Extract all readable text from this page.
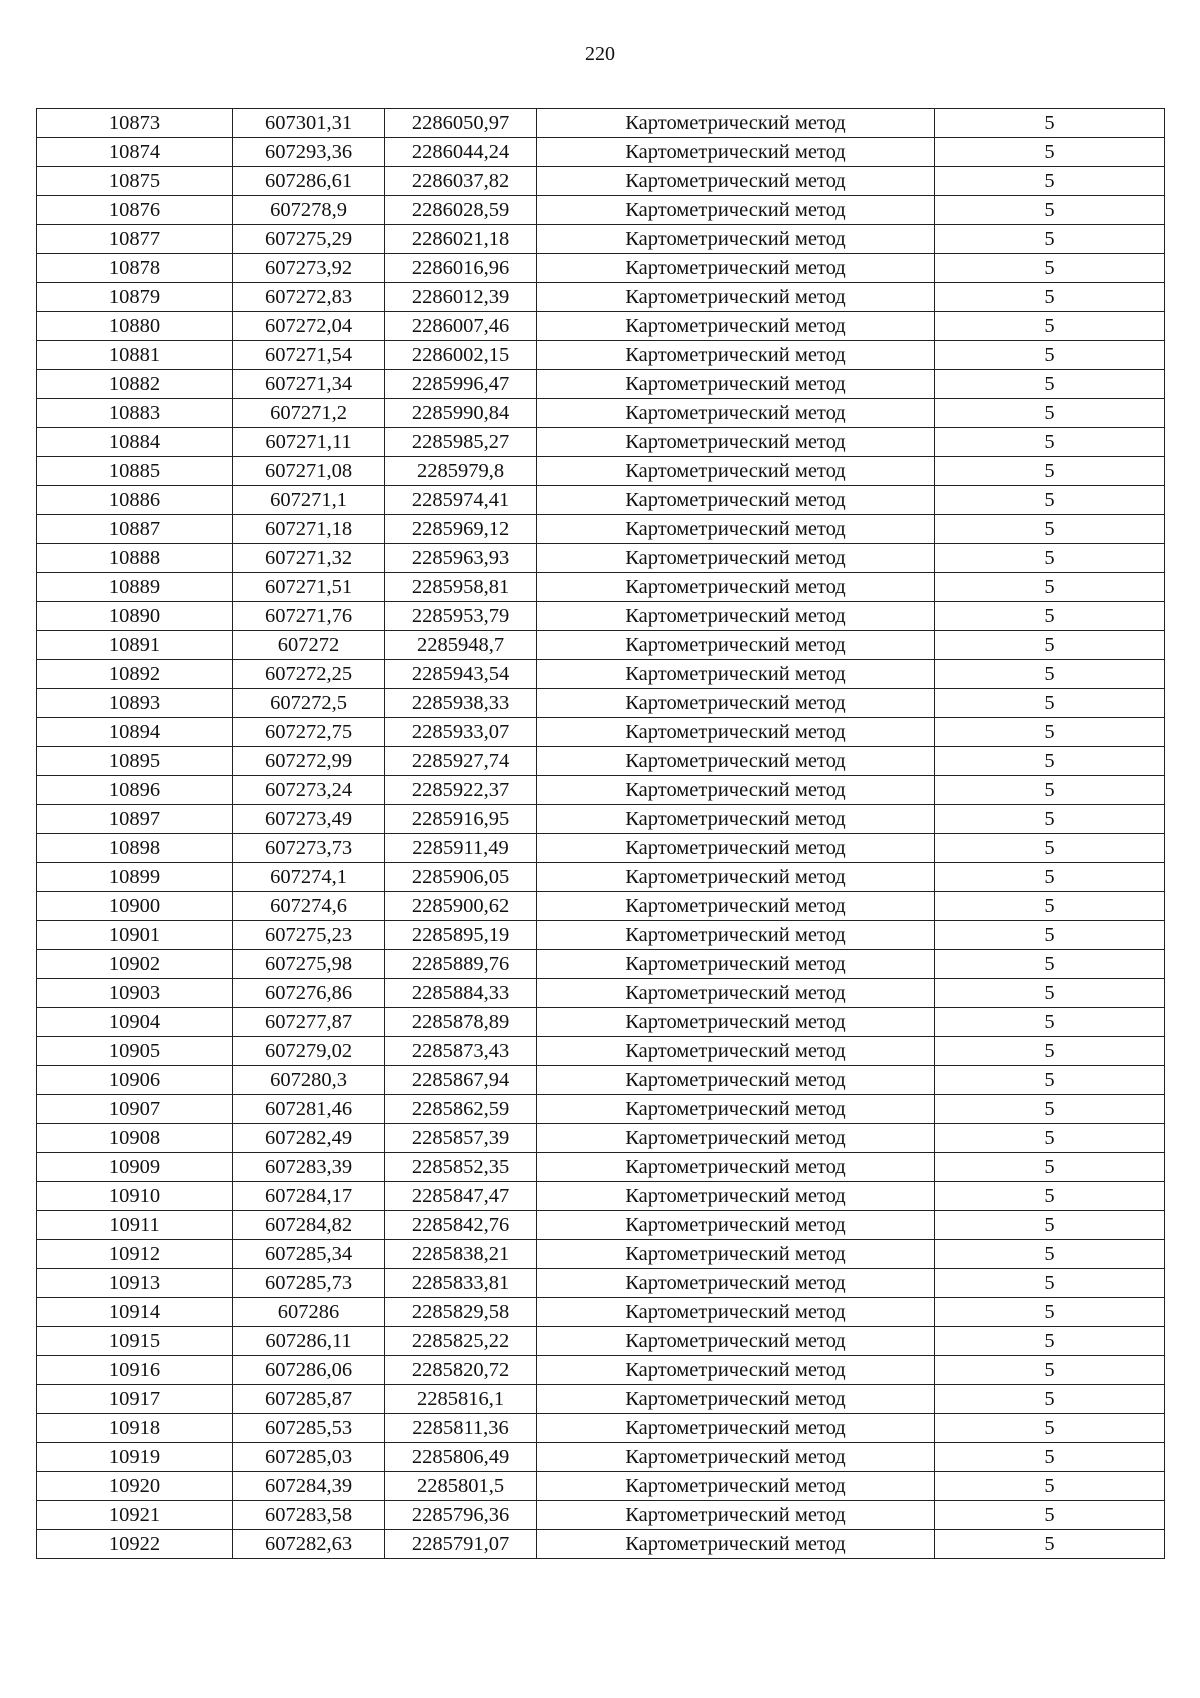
220
10873	607301,31	2286050,97	Картометрический метод	5
10874	607293,36	2286044,24	Картометрический метод	5
10875	607286,61	2286037,82	Картометрический метод	5
10876	607278,9	2286028,59	Картометрический метод	5
10877	607275,29	2286021,18	Картометрический метод	5
10878	607273,92	2286016,96	Картометрический метод	5
10879	607272,83	2286012,39	Картометрический метод	5
10880	607272,04	2286007,46	Картометрический метод	5
10881	607271,54	2286002,15	Картометрический метод	5
10882	607271,34	2285996,47	Картометрический метод	5
10883	607271,2	2285990,84	Картометрический метод	5
10884	607271,11	2285985,27	Картометрический метод	5
10885	607271,08	2285979,8	Картометрический метод	5
10886	607271,1	2285974,41	Картометрический метод	5
10887	607271,18	2285969,12	Картометрический метод	5
10888	607271,32	2285963,93	Картометрический метод	5
10889	607271,51	2285958,81	Картометрический метод	5
10890	607271,76	2285953,79	Картометрический метод	5
10891	607272	2285948,7	Картометрический метод	5
10892	607272,25	2285943,54	Картометрический метод	5
10893	607272,5	2285938,33	Картометрический метод	5
10894	607272,75	2285933,07	Картометрический метод	5
10895	607272,99	2285927,74	Картометрический метод	5
10896	607273,24	2285922,37	Картометрический метод	5
10897	607273,49	2285916,95	Картометрический метод	5
10898	607273,73	2285911,49	Картометрический метод	5
10899	607274,1	2285906,05	Картометрический метод	5
10900	607274,6	2285900,62	Картометрический метод	5
10901	607275,23	2285895,19	Картометрический метод	5
10902	607275,98	2285889,76	Картометрический метод	5
10903	607276,86	2285884,33	Картометрический метод	5
10904	607277,87	2285878,89	Картометрический метод	5
10905	607279,02	2285873,43	Картометрический метод	5
10906	607280,3	2285867,94	Картометрический метод	5
10907	607281,46	2285862,59	Картометрический метод	5
10908	607282,49	2285857,39	Картометрический метод	5
10909	607283,39	2285852,35	Картометрический метод	5
10910	607284,17	2285847,47	Картометрический метод	5
10911	607284,82	2285842,76	Картометрический метод	5
10912	607285,34	2285838,21	Картометрический метод	5
10913	607285,73	2285833,81	Картометрический метод	5
10914	607286	2285829,58	Картометрический метод	5
10915	607286,11	2285825,22	Картометрический метод	5
10916	607286,06	2285820,72	Картометрический метод	5
10917	607285,87	2285816,1	Картометрический метод	5
10918	607285,53	2285811,36	Картометрический метод	5
10919	607285,03	2285806,49	Картометрический метод	5
10920	607284,39	2285801,5	Картометрический метод	5
10921	607283,58	2285796,36	Картометрический метод	5
10922	607282,63	2285791,07	Картометрический метод	5
